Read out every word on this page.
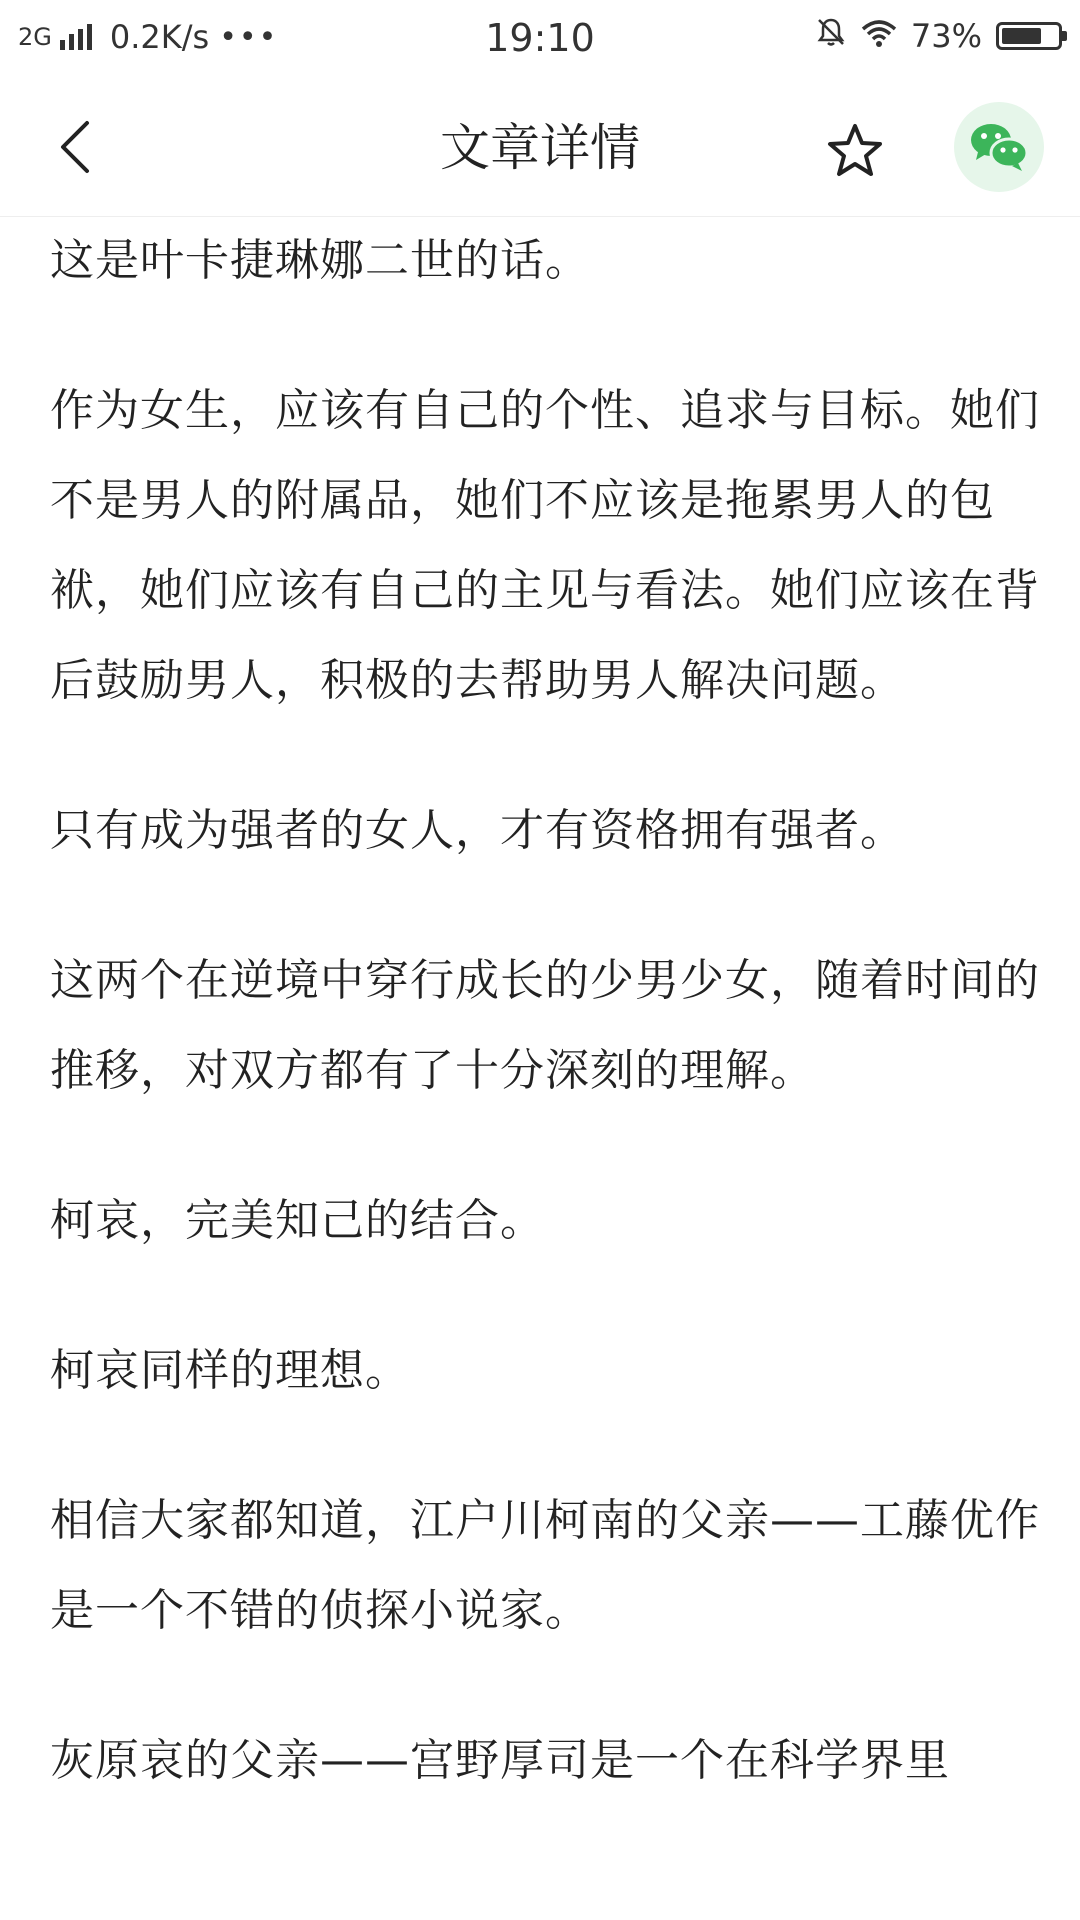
2G 0.2K/s •••	19:10	73%
文章详情

这是叶卡捷琳娜二世的话。

作为女生，应该有自己的个性、追求与目标。她们不是男人的附属品，她们不应该是拖累男人的包袱，她们应该有自己的主见与看法。她们应该在背后鼓励男人，积极的去帮助男人解决问题。

只有成为强者的女人，才有资格拥有强者。

这两个在逆境中穿行成长的少男少女，随着时间的推移，对双方都有了十分深刻的理解。

柯哀，完美知己的结合。

柯哀同样的理想。

相信大家都知道，江户川柯南的父亲——工藤优作是一个不错的侦探小说家。

灰原哀的父亲——宫野厚司是一个在科学界里
